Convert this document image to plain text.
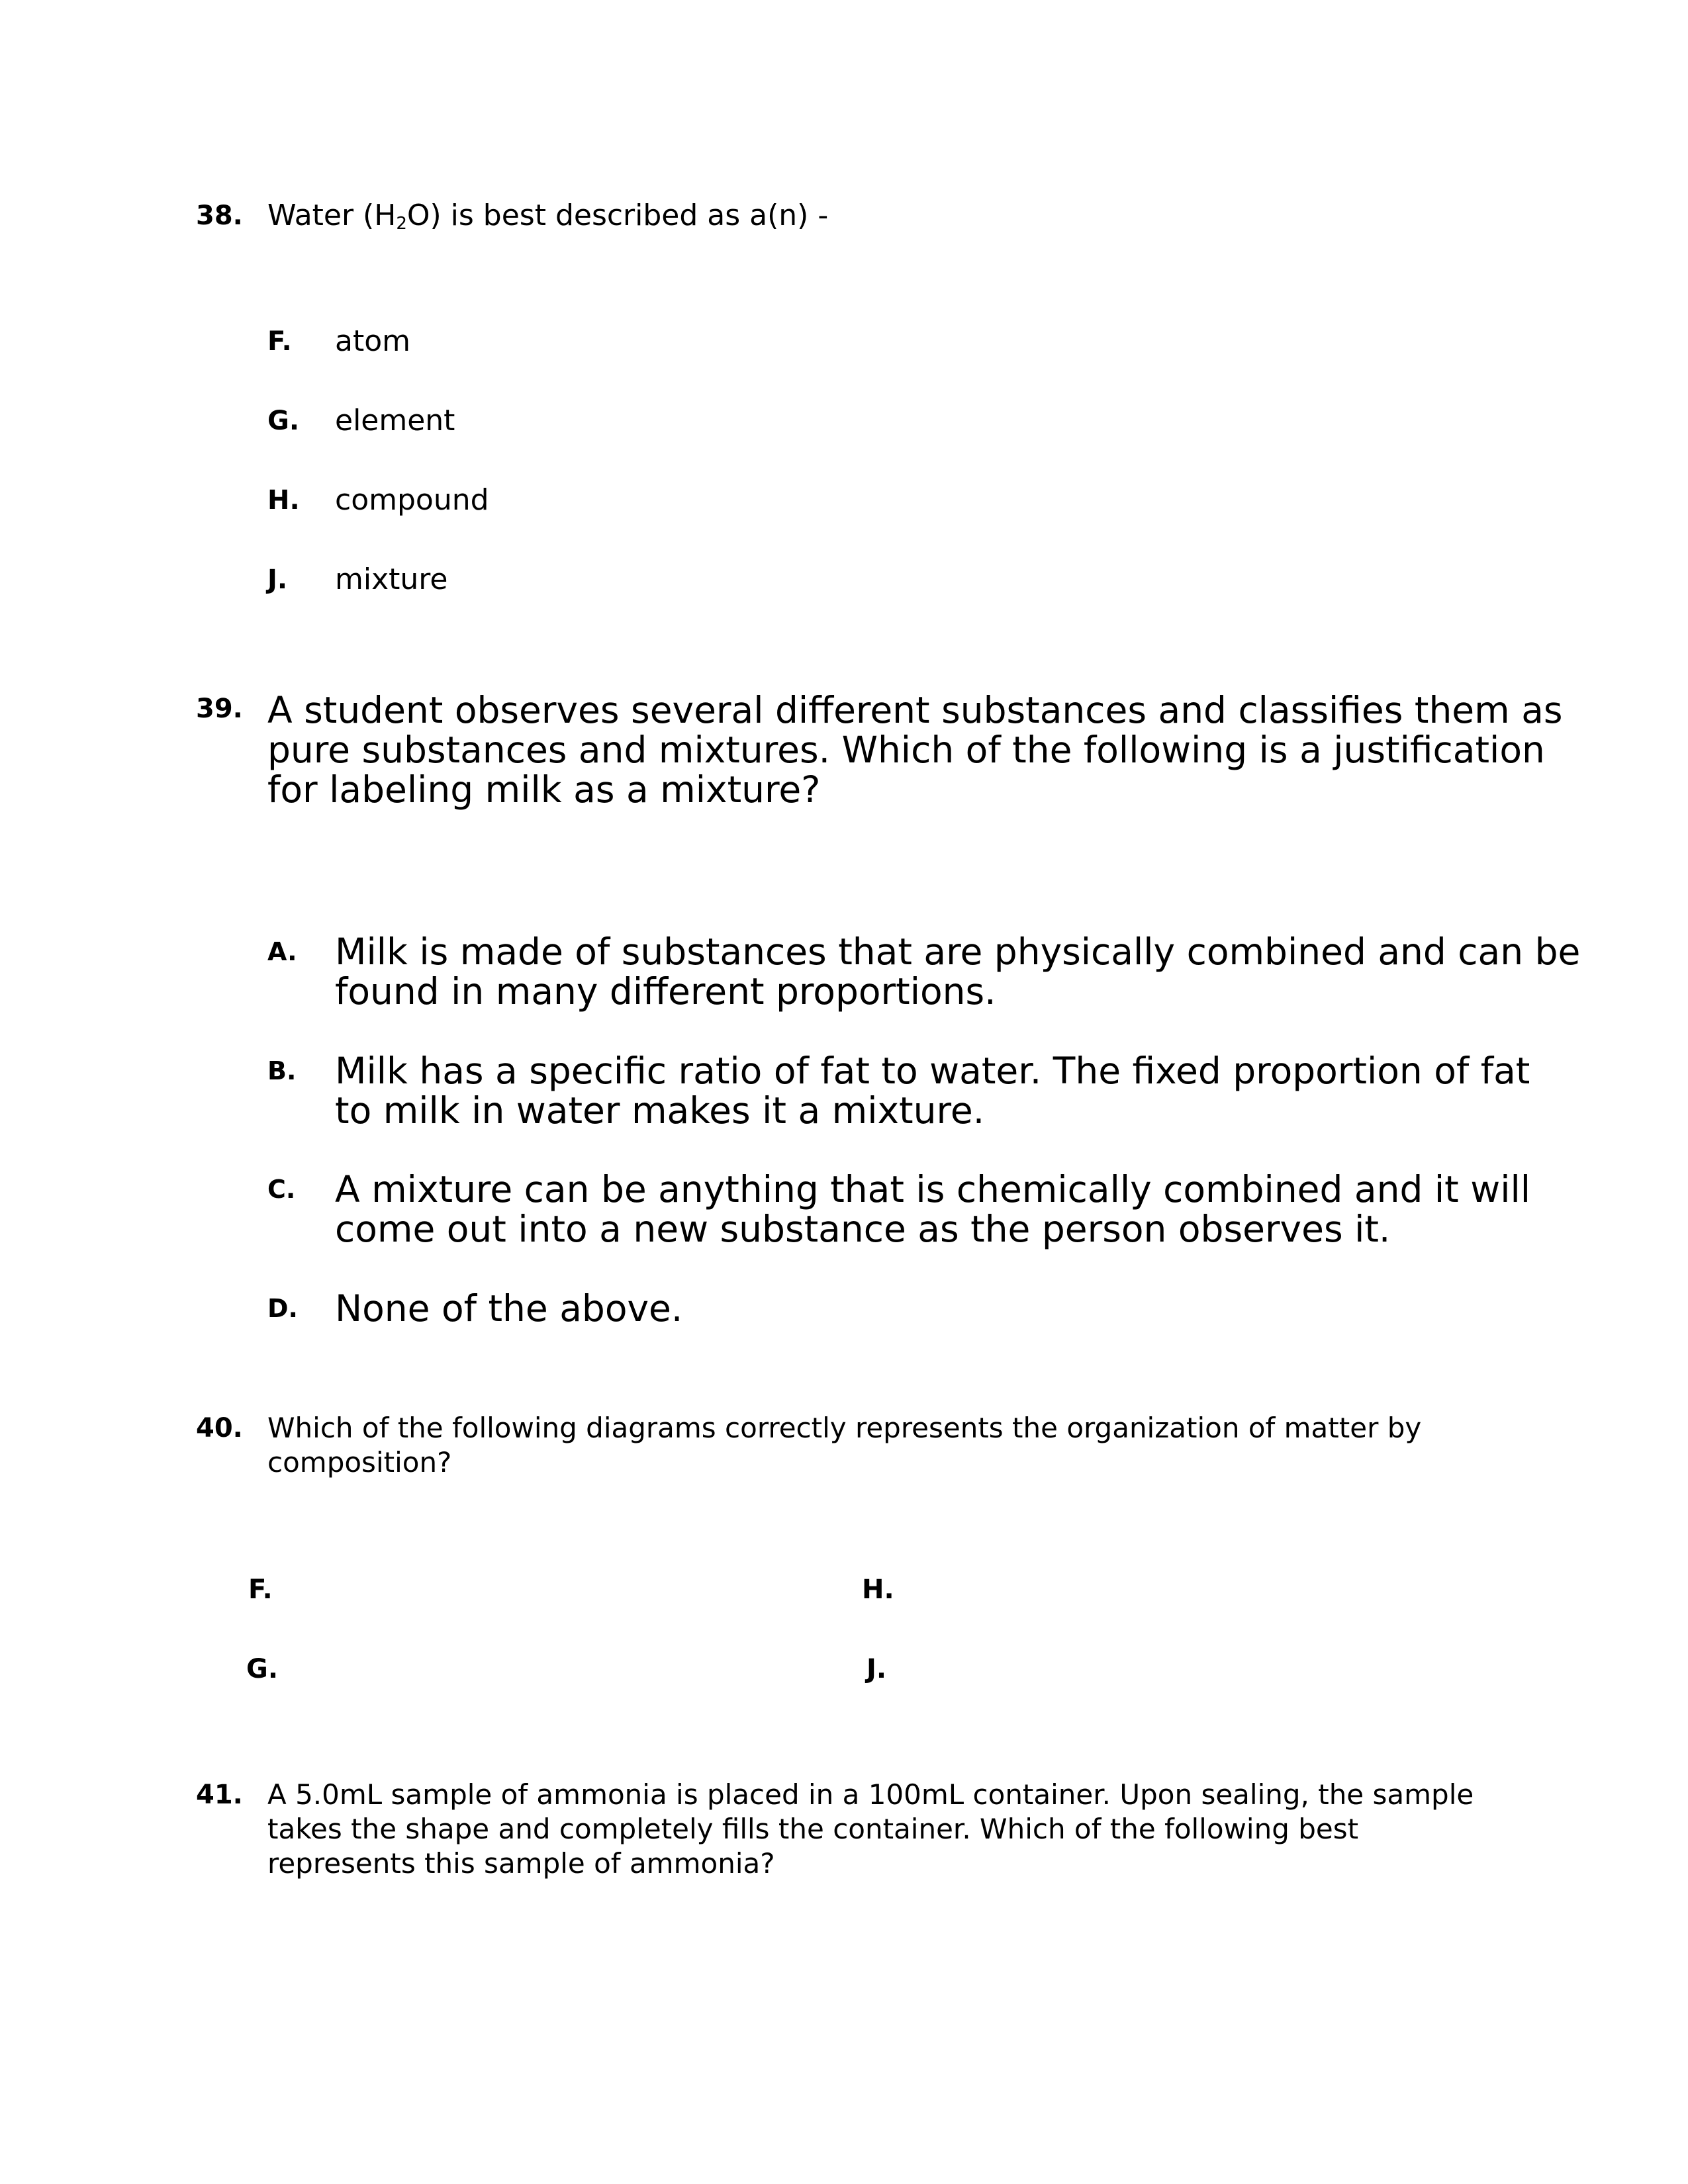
38. Water $(H_2O)$ is best described as a(n) -
F. atom
G. element
H. compound
J. mixture
39. A student observes several different substances and classifies them as
pure substances and mixtures. Which of the following is a justification
for labeling milk as a mixture?
A. Milk is made of substances that are physically combined and can be
found in many different proportions.
B. Milk has a specific ratio of fat to water. The fixed proportion of fat
to milk in water makes it a mixture.
C. A mixture can be anything that is chemically combined and it will
come out into a new substance as the person observes it.
D. None of the above.
40. Which of the following diagrams correctly represents the organization of matter by
composition?
F.	H.
G.	J.
41. A 5.0mL sample of ammonia is placed in a 100mL container. Upon sealing, the sample
takes the shape and completely fills the container. Which of the following best
represents this sample of ammonia?
